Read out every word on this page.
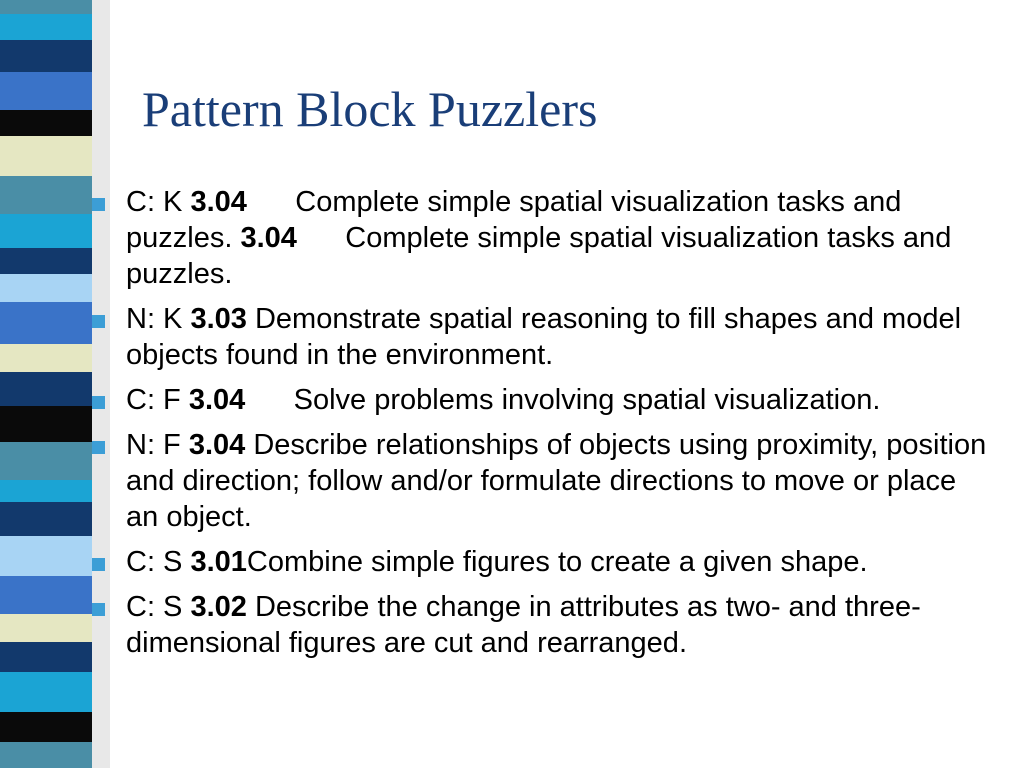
Pattern Block Puzzlers
C: K 3.04      Complete simple spatial visualization tasks and puzzles. 3.04      Complete simple spatial visualization tasks and puzzles.
N: K 3.03 Demonstrate spatial reasoning to fill shapes and model objects found in the environment.
C: F 3.04      Solve problems involving spatial visualization.
N: F 3.04 Describe relationships of objects using proximity, position and direction; follow and/or formulate directions to move or place an object.
C: S 3.01Combine simple figures to create a given shape.
C: S 3.02 Describe the change in attributes as two- and three-dimensional figures are cut and rearranged.
